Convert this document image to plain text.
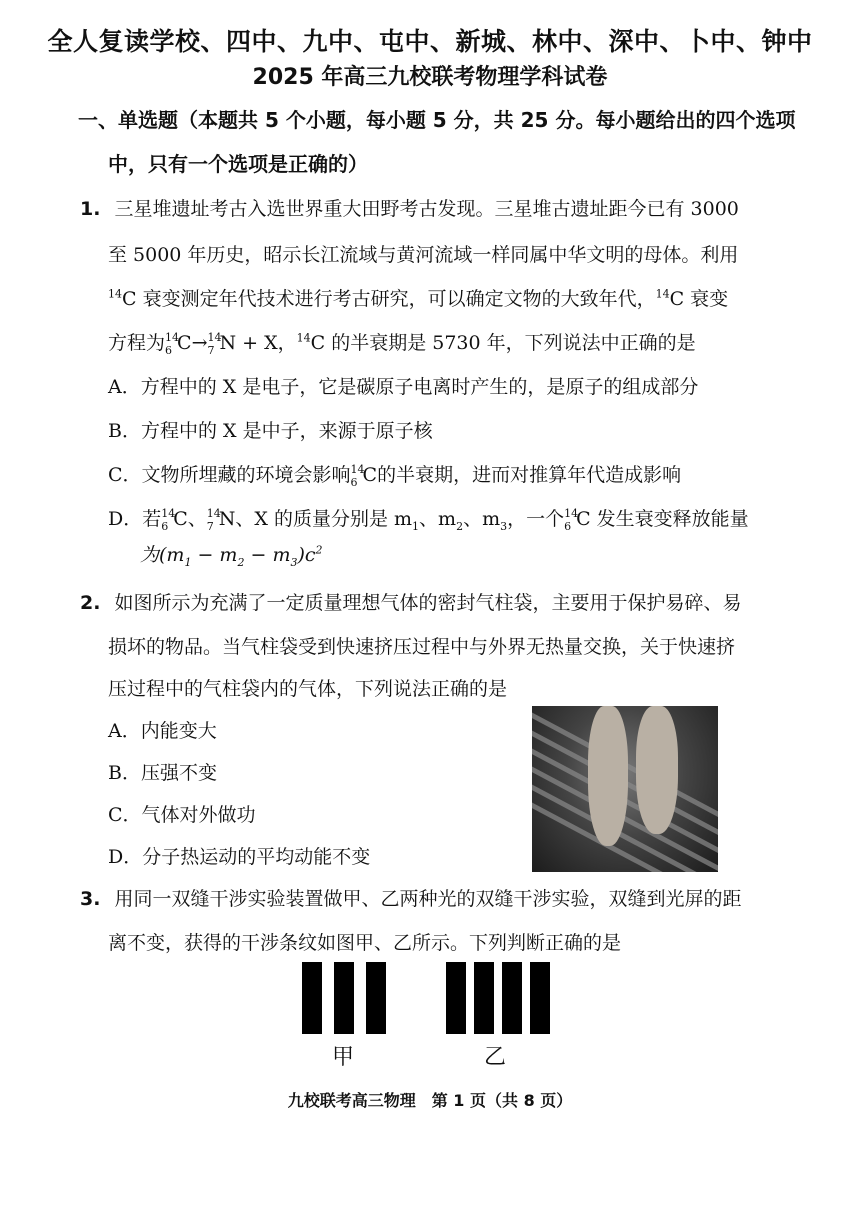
全人复读学校、四中、九中、屯中、新城、林中、深中、卜中、钟中
2025 年高三九校联考物理学科试卷
一、单选题（本题共 5 个小题，每小题 5 分，共 25 分。每小题给出的四个选项
中，只有一个选项是正确的）
1. 三星堆遗址考古入选世界重大田野考古发现。三星堆古遗址距今已有 3000
至 5000 年历史，昭示长江流域与黄河流域一样同属中华文明的母体。利用
$^{14}$C 衰变测定年代技术进行考古研究，可以确定文物的大致年代，$^{14}$C 衰变
方程为 14
6 C→ 14
7 N + X，$^{14}$C 的半衰期是 5730 年，下列说法中正确的是
A．方程中的 X 是电子，它是碳原子电离时产生的，是原子的组成部分
B．方程中的 X 是中子，来源于原子核
C．文物所埋藏的环境会影响 14
6 C的半衰期，进而对推算年代造成影响
D．若 14
6 C、 14
7 N、X 的质量分别是 $m_1$、$m_2$、$m_3$，一个 14
6 C 发生衰变释放能量
为$(m_1 - m_2 - m_3)c^2$
2. 如图所示为充满了一定质量理想气体的密封气柱袋，主要用于保护易碎、易
损坏的物品。当气柱袋受到快速挤压过程中与外界无热量交换，关于快速挤
压过程中的气柱袋内的气体，下列说法正确的是
A．内能变大
B．压强不变
C．气体对外做功
D．分子热运动的平均动能不变
3. 用同一双缝干涉实验装置做甲、乙两种光的双缝干涉实验，双缝到光屏的距
离不变，获得的干涉条纹如图甲、乙所示。下列判断正确的是
甲	乙
九校联考高三物理　第 1 页（共 8 页）
